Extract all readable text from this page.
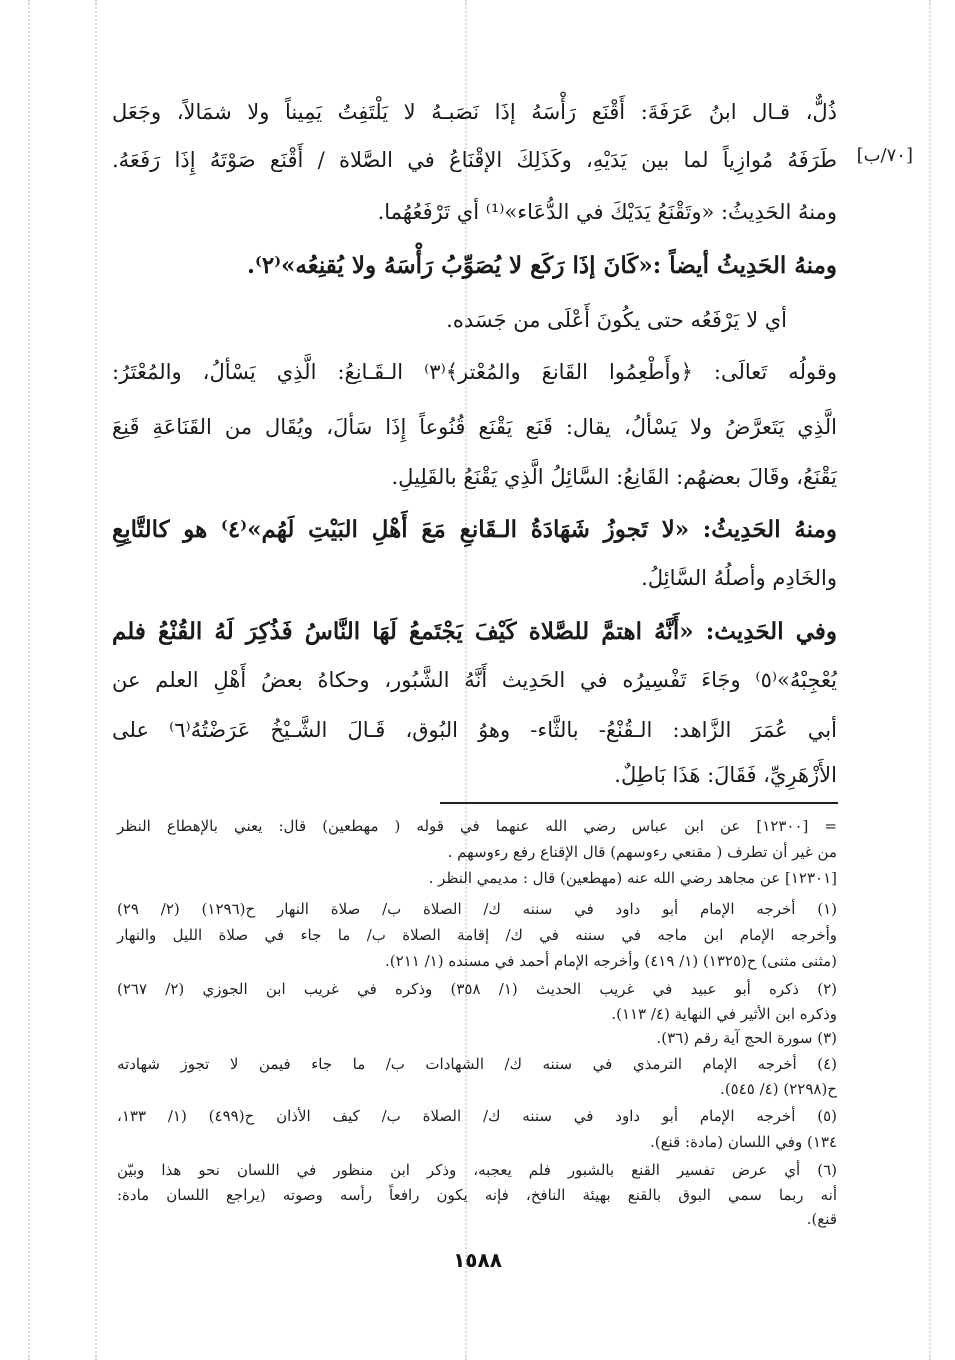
[٧٠/ب]
ذُلٌّ، قـال ابنُ عَرَفَةَ: أَقْنَع رَأْسَهُ إذَا نَصَبـهُ لا يَلْتَفِتُ يَمِيناً ولا شمَالاً، وجَعَل
طَرَفَهُ مُوازِياً لما بين يَدَيْهِ، وكَذَلِكَ الإقْنَاعُ في الصَّلاة / أَقْنَع صَوْتَهُ إِذَا رَفَعَهُ.
ومنهُ الحَدِيثُ: «وتَقْنَعُ يَدَيْكَ في الدُّعَاء»⁽¹⁾ أي تَرْفَعُهُما.
ومنهُ الحَدِيثُ أيضاً :«كَانَ إذَا رَكَع لا يُصَوِّبُ رَأْسَهُ ولا يُقنِعُه»⁽٢⁾.
أي لا يَرْفَعُه حتى يكُونَ أَعْلَى من جَسَده.
وقولُه تَعالَى: ﴿وأَطْعِمُوا القَانعَ والمُعْتر﴾⁽٣⁾ الـقَـانِعُ: الَّذِي يَسْألُ، والمُعْتَرُ:
الَّذِي يَتَعرَّضُ ولا يَسْألُ، يقال: قَنَع يَقْنَع قُنُوعاً إِذَا سَألَ، ويُقَال من القَنَاعَةِ قَنِعَ
يَقْنَعُ، وقَالَ بعضهُم: القَانِعُ: السَّائِلُ الَّذِي يَقْنَعُ بالقَلِيلِ.
ومنهُ الحَدِيثُ: «لا تَجوزُ شَهَادَةُ الـقَانعِ مَعَ أَهْلِ البَيْتِ لَهُم»⁽٤⁾ هو كالتَّابِعِ
والخَادِم وأصلُهُ السَّائِلُ.
وفي الحَدِيث: «أَنَّهُ اهتمَّ للصَّلاة كَيْفَ يَجْتَمعُ لَهَا النَّاسُ فَذُكِرَ لَهُ القُنْعُ فلم
يُعْجِبْهُ»⁽٥⁾ وجَاءَ تَفْسِيرُه في الحَدِيث أَنَّهُ الشَّبُور، وحكاهُ بعضُ أَهْلِ العلم عن
أبي عُمَرَ الزَّاهد: الـقُنْعُ- بالثَّاء- وهوُ البُوق، قَـالَ الشَّـيْخُ عَرَضْتُهُ⁽٦⁾ على
الأَزْهَرِيِّ، فَقَالَ: هَذَا بَاطِلٌ.
= [١٢٣٠٠] عن ابن عباس رضي الله عنهما في قوله ( مهطعين) قال: يعني بالإهطاع النظر
من غير أن تطرف ( مقنعي رءوسهم) قال الإقناع رفع رءوسهم .
[١٢٣٠١] عن مجاهد رضي الله عنه (مهطعين) قال : مديمي النظر .
(١) أخرجه الإمام أبو داود في سننه ك/ الصلاة ب/ صلاة النهار ح(١٢٩٦) (٢/ ٢٩)
وأخرجه الإمام ابن ماجه في سننه في ك/ إقامة الصلاة ب/ ما جاء في صلاة الليل والنهار
(مثنى مثنى) ح(١٣٢٥) (١/ ٤١٩) وأخرجه الإمام أحمد في مسنده (١/ ٢١١).
(٢) ذكره أبو عبيد في غريب الحديث (١/ ٣٥٨) وذكره في غريب ابن الجوزي (٢/ ٢٦٧)
وذكره ابن الأثير في النهاية (٤/ ١١٣).
(٣) سورة الحج آية رقم (٣٦).
(٤) أخرجه الإمام الترمذي في سننه ك/ الشهادات ب/ ما جاء فيمن لا تجوز شهادته
ح(٢٢٩٨) (٤/ ٥٤٥).
(٥) أخرجه الإمام أبو داود في سننه ك/ الصلاة ب/ كيف الأذان ح(٤٩٩) (١/ ١٣٣،
١٣٤) وفي اللسان (مادة: قنع).
(٦) أي عرض تفسير القنع بالشبور فلم يعجبه، وذكر ابن منظور في اللسان نحو هذا وبيّن
أنه ربما سمي البوق بالقنع بهيئة النافخ، فإنه يكون رافعاً رأسه وصوته (يراجع اللسان مادة:
قنع).
١٥٨٨
